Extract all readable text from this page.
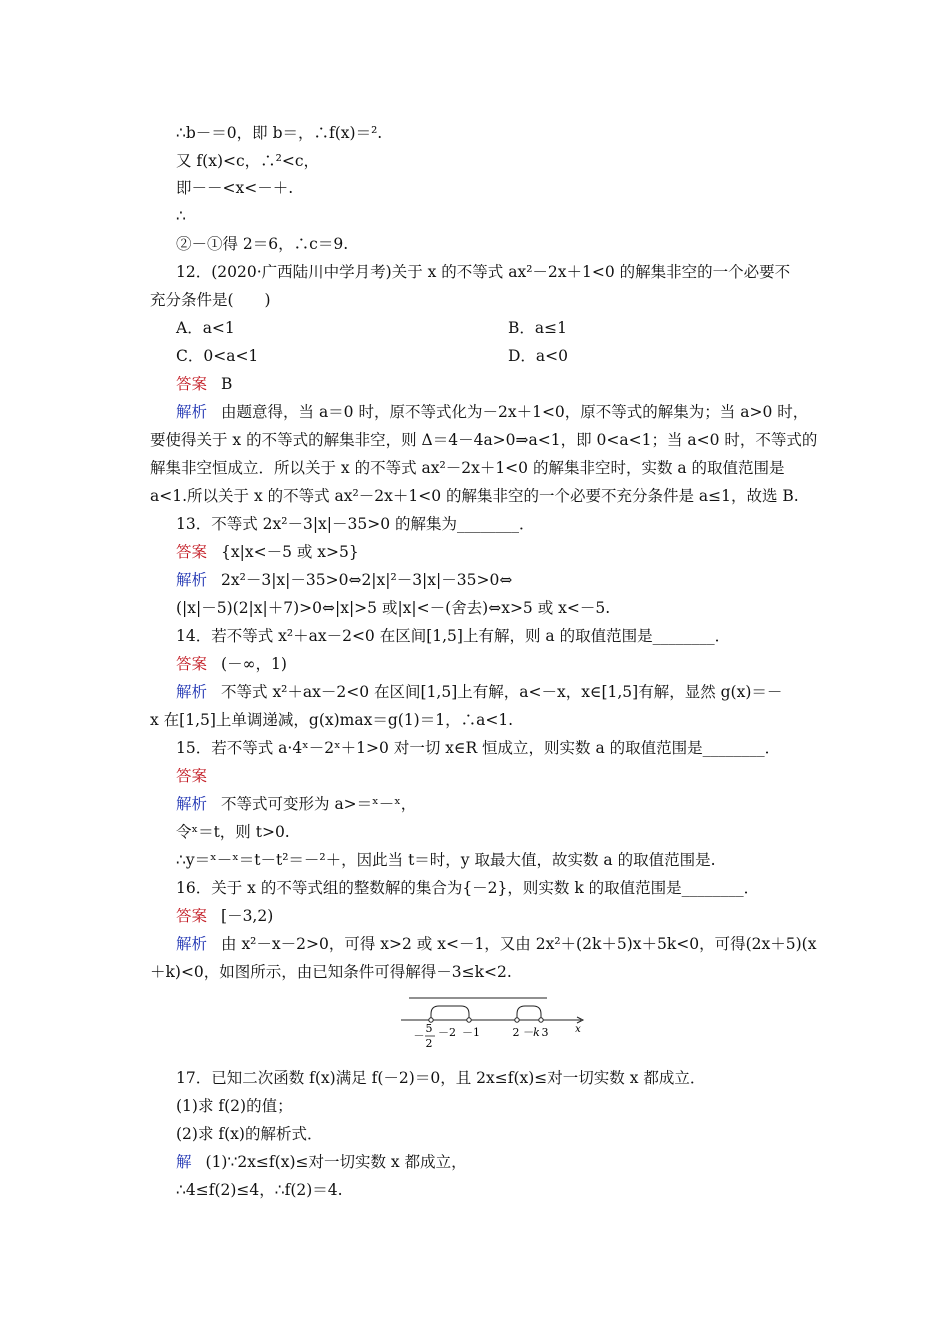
∴b－＝0，即 b＝，∴f(x)＝².
又 f(x)<c，∴²<c，
即－－<x<－＋.
∴
②－①得 2＝6，∴c＝9.
12．(2020·广西陆川中学月考)关于 x 的不等式 ax²－2x＋1<0 的解集非空的一个必要不
充分条件是(　　)
A．a<1	B．a≤1
C．0<a<1	D．a<0
答案 B
解析 由题意得，当 a＝0 时，原不等式化为－2x＋1<0，原不等式的解集为；当 a>0 时，
要使得关于 x 的不等式的解集非空，则 Δ＝4－4a>0⇒a<1，即 0<a<1；当 a<0 时，不等式的
解集非空恒成立．所以关于 x 的不等式 ax²－2x＋1<0 的解集非空时，实数 a 的取值范围是
a<1.所以关于 x 的不等式 ax²－2x＋1<0 的解集非空的一个必要不充分条件是 a≤1，故选 B.
13．不等式 2x²－3|x|－35>0 的解集为________．
答案 {x|x<－5 或 x>5}
解析 2x²－3|x|－35>0⇔2|x|²－3|x|－35>0⇔
(|x|－5)(2|x|＋7)>0⇔|x|>5 或|x|<－(舍去)⇔x>5 或 x<－5.
14．若不等式 x²＋ax－2<0 在区间[1,5]上有解，则 a 的取值范围是________．
答案 (－∞，1)
解析 不等式 x²＋ax－2<0 在区间[1,5]上有解，a<－x，x∈[1,5]有解，显然 g(x)＝－
x 在[1,5]上单调递减，g(x)max＝g(1)＝1，∴a<1.
15．若不等式 a·4ˣ－2ˣ＋1>0 对一切 x∈R 恒成立，则实数 a 的取值范围是________．
答案
解析 不等式可变形为 a>＝ˣ－ˣ，
令ˣ＝t，则 t>0.
∴y＝ˣ－ˣ＝t－t²＝－²＋，因此当 t＝时，y 取最大值，故实数 a 的取值范围是.
16．关于 x 的不等式组的整数解的集合为{－2}，则实数 k 的取值范围是________．
答案 [－3,2)
解析 由 x²－x－2>0，可得 x>2 或 x<－1，又由 2x²＋(2k＋5)x＋5k<0，可得(2x＋5)(x
＋k)<0，如图所示，由已知条件可得解得－3≤k<2.
5
2
－ －2 －1	2 －k 3	x
17．已知二次函数 f(x)满足 f(－2)＝0，且 2x≤f(x)≤对一切实数 x 都成立．
(1)求 f(2)的值；
(2)求 f(x)的解析式．
解 (1)∵2x≤f(x)≤对一切实数 x 都成立，
∴4≤f(2)≤4，∴f(2)＝4.
